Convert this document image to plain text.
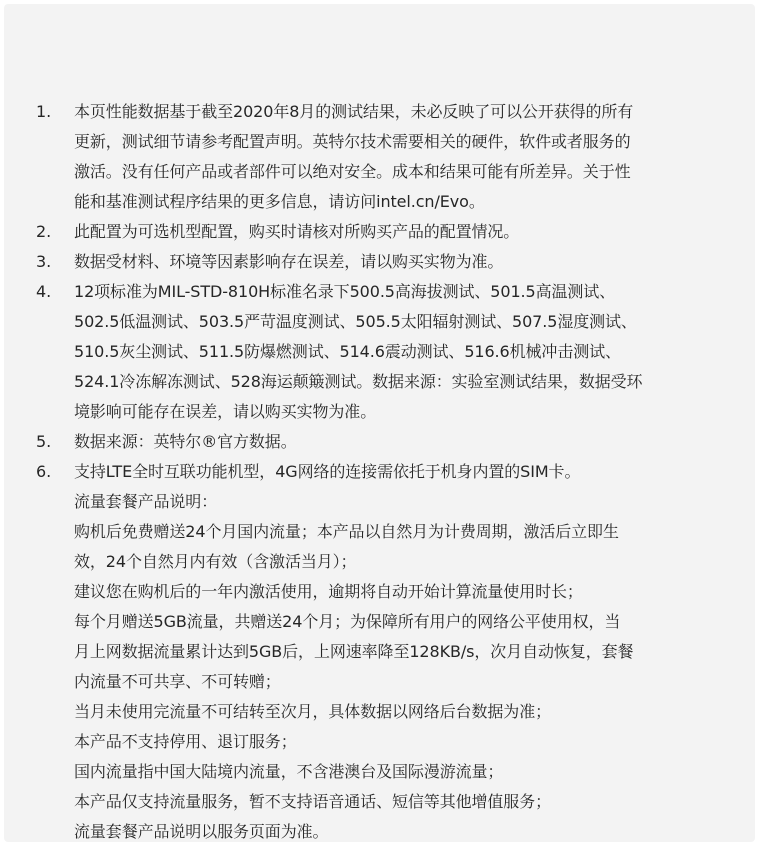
1.	本页性能数据基于截至2020年8月的测试结果，未必反映了可以公开获得的所有
更新，测试细节请参考配置声明。英特尔技术需要相关的硬件，软件或者服务的
激活。没有任何产品或者部件可以绝对安全。成本和结果可能有所差异。关于性
能和基准测试程序结果的更多信息，请访问intel.cn/Evo。
2.	此配置为可选机型配置，购买时请核对所购买产品的配置情况。
3.	数据受材料、环境等因素影响存在误差，请以购买实物为准。
4.	12项标准为MIL-STD-810H标准名录下500.5高海拔测试、501.5高温测试、
502.5低温测试、503.5严苛温度测试、505.5太阳辐射测试、507.5湿度测试、
510.5灰尘测试、511.5防爆燃测试、514.6震动测试、516.6机械冲击测试、
524.1冷冻解冻测试、528海运颠簸测试。数据来源：实验室测试结果，数据受环
境影响可能存在误差，请以购买实物为准。
5.	数据来源：英特尔®官方数据。
6.	支持LTE全时互联功能机型，4G网络的连接需依托于机身内置的SIM卡。
流量套餐产品说明：
购机后免费赠送24个月国内流量；本产品以自然月为计费周期，激活后立即生
效，24个自然月内有效（含激活当月）；
建议您在购机后的一年内激活使用，逾期将自动开始计算流量使用时长；
每个月赠送5GB流量，共赠送24个月；为保障所有用户的网络公平使用权，当
月上网数据流量累计达到5GB后，上网速率降至128KB/s，次月自动恢复，套餐
内流量不可共享、不可转赠；
当月未使用完流量不可结转至次月，具体数据以网络后台数据为准；
本产品不支持停用、退订服务；
国内流量指中国大陆境内流量，不含港澳台及国际漫游流量；
本产品仅支持流量服务，暂不支持语音通话、短信等其他增值服务；
流量套餐产品说明以服务页面为准。
